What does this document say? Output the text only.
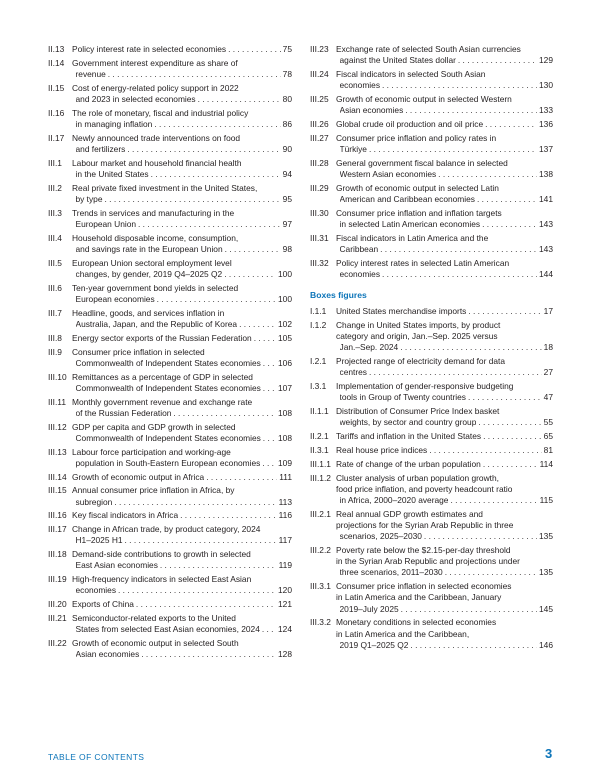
II.13 Policy interest rate in selected economies . . .	75
II.14 Government interest expenditure as share of
revenue . . .	78
II.15 Cost of energy-related policy support in 2022
and 2023 in selected economies . . .	80
II.16 The role of monetary, fiscal and industrial policy
in managing inflation . . .	86
II.17 Newly announced trade interventions on food
and fertilizers . . .	90
III.1	Labour market and household financial health
in the United States . . .	94
III.2	Real private fixed investment in the United States,
by type . . .	95
III.3	Trends in services and manufacturing in the
European Union . . .	97
III.4	Household disposable income, consumption,
and savings rate in the European Union . . .	98
III.5	European Union sectoral employment level
changes, by gender, 2019 Q4–2025 Q2 . . .	100
III.6	Ten-year government bond yields in selected
European economies . . .	100
III.7	Headline, goods, and services inflation in
Australia, Japan, and the Republic of Korea . . .	102
III.8	Energy sector exports of the Russian Federation . . .	105
III.9	Consumer price inflation in selected
Commonwealth of Independent States economies . . . 106
III.10 Remittances as a percentage of GDP in selected
Commonwealth of Independent States economies . . . 107
III.11 Monthly government revenue and exchange rate
of the Russian Federation . . .	108
III.12 GDP per capita and GDP growth in selected
Commonwealth of Independent States economies . . . 108
III.13 Labour force participation and working-age
population in South-Eastern European economies . . . 109
III.14 Growth of economic output in Africa . . .	111
III.15 Annual consumer price inflation in Africa, by
subregion . . .	113
III.16 Key fiscal indicators in Africa . . .	116
III.17 Change in African trade, by product category, 2024
H1–2025 H1 . . .	117
III.18 Demand-side contributions to growth in selected
East Asian economies . . .	119
III.19 High-frequency indicators in selected East Asian
economies . . .	120
III.20 Exports of China . . .	121
III.21 Semiconductor-related exports to the United
States from selected East Asian economies, 2024 . . . 124
III.22 Growth of economic output in selected South
Asian economies . . .	128
III.23 Exchange rate of selected South Asian currencies
against the United States dollar . . .	129
III.24 Fiscal indicators in selected South Asian
economies . . .	130
III.25 Growth of economic output in selected Western
Asian economies . . .	133
III.26 Global crude oil production and oil price . . .	136
III.27 Consumer price inflation and policy rates in
Türkiye . . .	137
III.28 General government fiscal balance in selected
Western Asian economies . . .	138
III.29 Growth of economic output in selected Latin
American and Caribbean economies . . .	141
III.30 Consumer price inflation and inflation targets
in selected Latin American economies . . .	143
III.31 Fiscal indicators in Latin America and the
Caribbean . . .	143
III.32 Policy interest rates in selected Latin American
economies . . .	144
Boxes figures
I.1.1	United States merchandise imports . . .	17
I.1.2	Change in United States imports, by product
category and origin, Jan.–Sep. 2025 versus
Jan.–Sep. 2024 . . .	18
I.2.1	Projected range of electricity demand for data
centres . . .	27
I.3.1	Implementation of gender-responsive budgeting
tools in Group of Twenty countries . . .	47
II.1.1 Distribution of Consumer Price Index basket
weights, by sector and country group . . .	55
II.2.1 Tariffs and inflation in the United States . . .	65
II.3.1 Real house price indices . . .	81
III.1.1 Rate of change of the urban population . . .	114
III.1.2 Cluster analysis of urban population growth,
food price inflation, and poverty headcount ratio
in Africa, 2000–2020 average . . .	115
III.2.1 Real annual GDP growth estimates and
projections for the Syrian Arab Republic in three
scenarios, 2025–2030 . . .	135
III.2.2 Poverty rate below the $2.15-per-day threshold
in the Syrian Arab Republic and projections under
three scenarios, 2011–2030 . . .	135
III.3.1 Consumer price inflation in selected economies
in Latin America and the Caribbean, January
2019–July 2025 . . .	145
III.3.2 Monetary conditions in selected economies
in Latin America and the Caribbean,
2019 Q1–2025 Q2 . . .	146
TABLE OF CONTENTS	3
